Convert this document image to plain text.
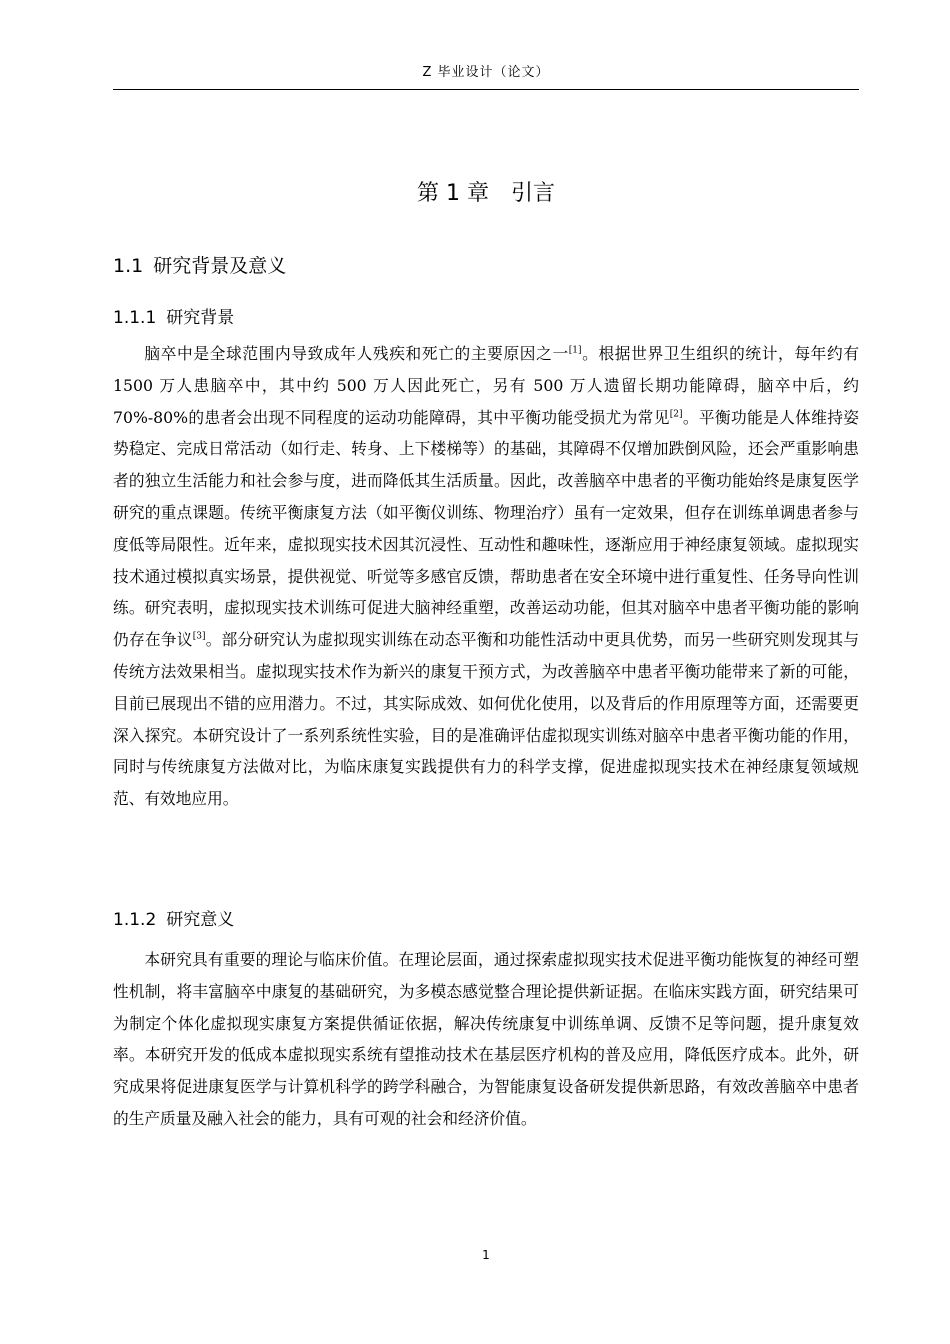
Z 毕业设计（论文）
第 1 章 引言
1.1 研究背景及意义
1.1.1 研究背景

脑卒中是全球范围内导致成年人残疾和死亡的主要原因之一[1]。根据世界卫生组织的统计，每年约有 1500 万人患脑卒中，其中约 500 万人因此死亡，另有 500 万人遗留长期功能障碍，脑卒中后，约 70%-80%的患者会出现不同程度的运动功能障碍，其中平衡功能受损尤为常见[2]。平衡功能是人体维持姿势稳定、完成日常活动（如行走、转身、上下楼梯等）的基础，其障碍不仅增加跌倒风险，还会严重影响患者的独立生活能力和社会参与度，进而降低其生活质量。因此，改善脑卒中患者的平衡功能始终是康复医学研究的重点课题。传统平衡康复方法（如平衡仪训练、物理治疗）虽有一定效果，但存在训练单调患者参与度低等局限性。近年来，虚拟现实技术因其沉浸性、互动性和趣味性，逐渐应用于神经康复领域。虚拟现实技术通过模拟真实场景，提供视觉、听觉等多感官反馈，帮助患者在安全环境中进行重复性、任务导向性训练。研究表明，虚拟现实技术训练可促进大脑神经重塑，改善运动功能，但其对脑卒中患者平衡功能的影响仍存在争议[3]。部分研究认为虚拟现实训练在动态平衡和功能性活动中更具优势，而另一些研究则发现其与传统方法效果相当。虚拟现实技术作为新兴的康复干预方式，为改善脑卒中患者平衡功能带来了新的可能，目前已展现出不错的应用潜力。不过，其实际成效、如何优化使用，以及背后的作用原理等方面，还需要更深入探究。本研究设计了一系列系统性实验，目的是准确评估虚拟现实训练对脑卒中患者平衡功能的作用，同时与传统康复方法做对比，为临床康复实践提供有力的科学支撑，促进虚拟现实技术在神经康复领域规范、有效地应用。

1.1.2 研究意义

本研究具有重要的理论与临床价值。在理论层面，通过探索虚拟现实技术促进平衡功能恢复的神经可塑性机制，将丰富脑卒中康复的基础研究，为多模态感觉整合理论提供新证据。在临床实践方面，研究结果可为制定个体化虚拟现实康复方案提供循证依据，解决传统康复中训练单调、反馈不足等问题，提升康复效率。本研究开发的低成本虚拟现实系统有望推动技术在基层医疗机构的普及应用，降低医疗成本。此外，研究成果将促进康复医学与计算机科学的跨学科融合，为智能康复设备研发提供新思路，有效改善脑卒中患者的生产质量及融入社会的能力，具有可观的社会和经济价值。

1
